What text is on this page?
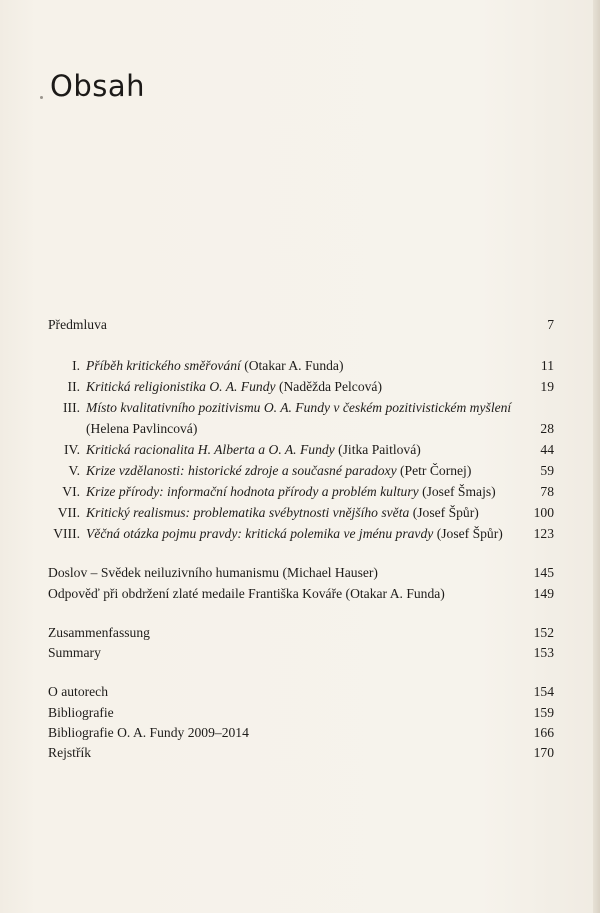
Obsah
Předmluva	7
I. Příběh kritického směřování (Otakar A. Funda)	11
II. Kritická religionistika O. A. Fundy (Naděžda Pelcová)	19
III. Místo kvalitativního pozitivismu O. A. Fundy v českém pozitivistickém myšlení
(Helena Pavlincová)	28
IV. Kritická racionalita H. Alberta a O. A. Fundy (Jitka Paitlová)	44
V. Krize vzdělanosti: historické zdroje a současné paradoxy (Petr Čornej)	59
VI. Krize přírody: informační hodnota přírody a problém kultury (Josef Šmajs)	78
VII. Kritický realismus: problematika svébytnosti vnějšího světa (Josef Špůr)	100
VIII. Věčná otázka pojmu pravdy: kritická polemika ve jménu pravdy (Josef Špůr) 123
Doslov – Svědek neiluzivního humanismu (Michael Hauser)	145
Odpověď při obdržení zlaté medaile Františka Kováře (Otakar A. Funda)	149
Zusammenfassung	152
Summary	153
O autorech	154
Bibliografie	159
Bibliografie O. A. Fundy 2009–2014	166
Rejstřík	170
